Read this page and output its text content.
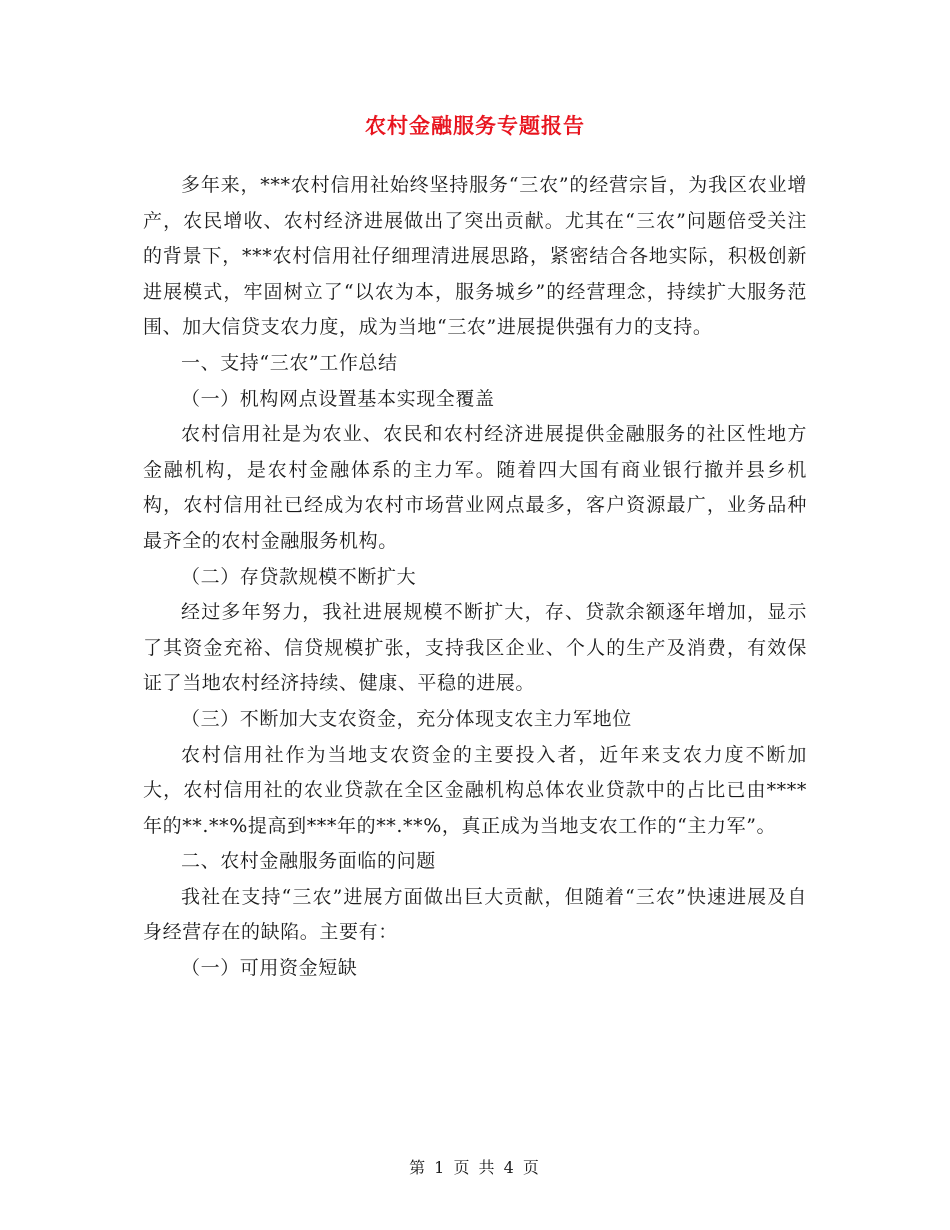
农村金融服务专题报告

多年来，***农村信用社始终坚持服务“三农”的经营宗旨，为我区农业增产，农民增收、农村经济进展做出了突出贡献。尤其在“三农”问题倍受关注的背景下，***农村信用社仔细理清进展思路，紧密结合各地实际，积极创新进展模式，牢固树立了“以农为本，服务城乡”的经营理念，持续扩大服务范围、加大信贷支农力度，成为当地“三农”进展提供强有力的支持。

一、支持“三农”工作总结

（一）机构网点设置基本实现全覆盖

农村信用社是为农业、农民和农村经济进展提供金融服务的社区性地方金融机构，是农村金融体系的主力军。随着四大国有商业银行撤并县乡机构，农村信用社已经成为农村市场营业网点最多，客户资源最广，业务品种最齐全的农村金融服务机构。

（二）存贷款规模不断扩大

经过多年努力，我社进展规模不断扩大，存、贷款余额逐年增加，显示了其资金充裕、信贷规模扩张，支持我区企业、个人的生产及消费，有效保证了当地农村经济持续、健康、平稳的进展。

（三）不断加大支农资金，充分体现支农主力军地位

农村信用社作为当地支农资金的主要投入者，近年来支农力度不断加大，农村信用社的农业贷款在全区金融机构总体农业贷款中的占比已由****年的**.**%提高到***年的**.**%，真正成为当地支农工作的“主力军”。

二、农村金融服务面临的问题

我社在支持“三农”进展方面做出巨大贡献，但随着“三农”快速进展及自身经营存在的缺陷。主要有：

（一）可用资金短缺

第 1 页 共 4 页
